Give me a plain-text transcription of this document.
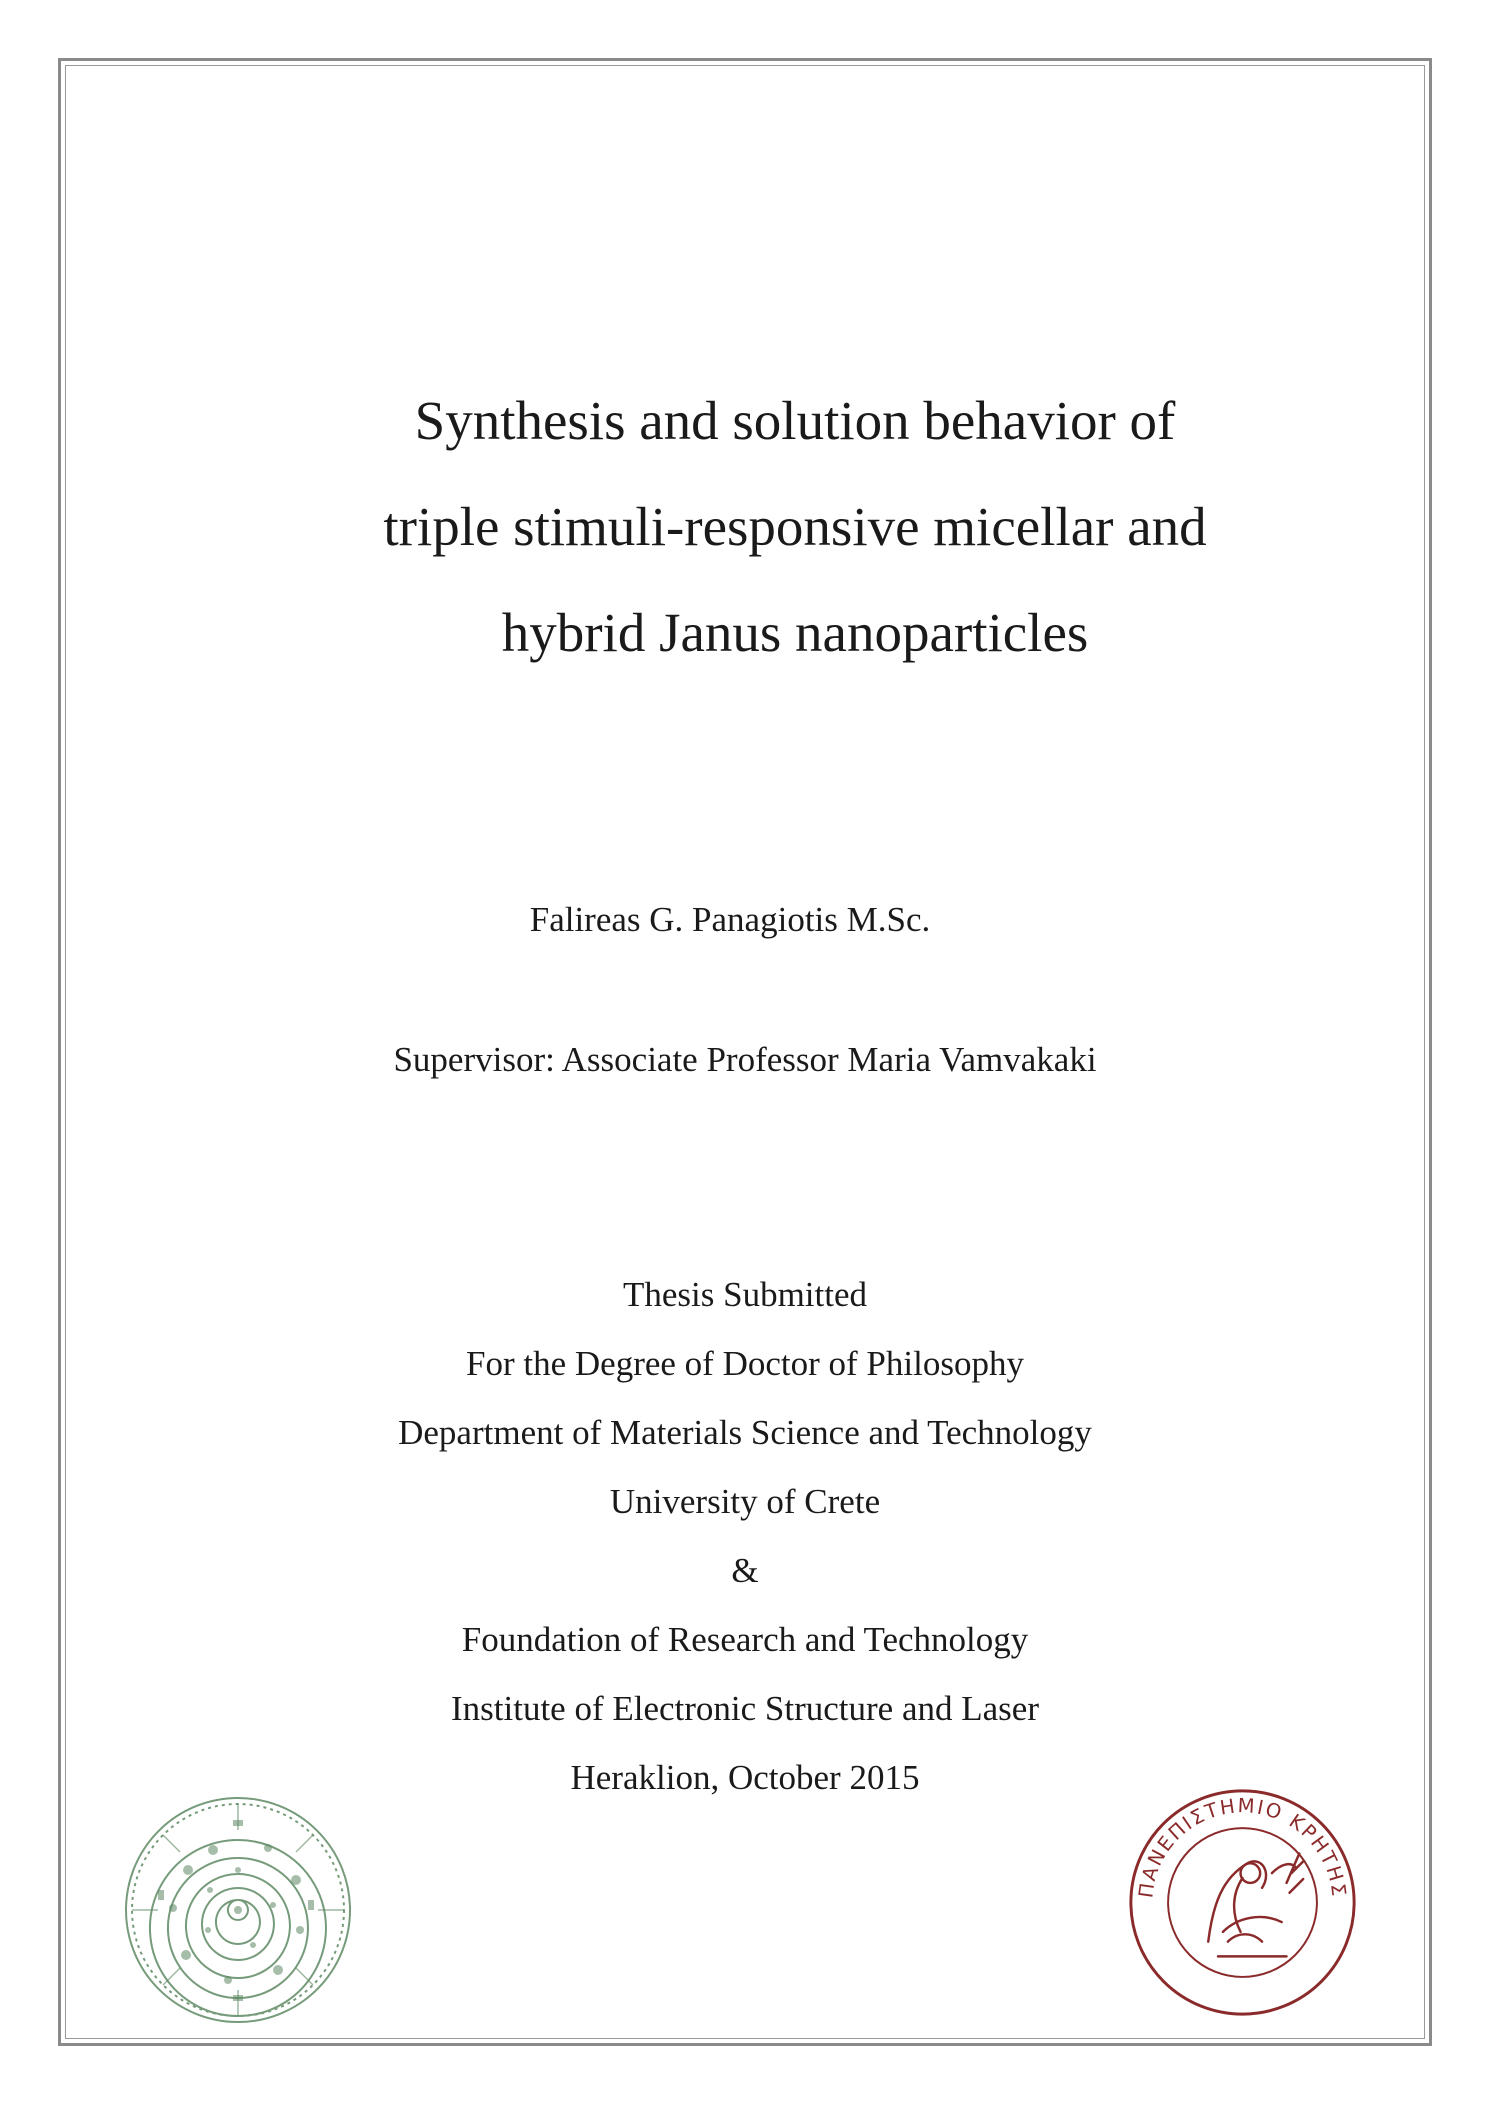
Synthesis and solution behavior of
triple stimuli-responsive micellar and
hybrid Janus nanoparticles
Falireas G. Panagiotis M.Sc.
Supervisor: Associate Professor Maria Vamvakaki
Thesis Submitted
For the Degree of Doctor of Philosophy
Department of Materials Science and Technology
University of Crete
&
Foundation of Research and Technology
Institute of Electronic Structure and Laser
Heraklion, October 2015
ΠΑΝΕΠΙΣΤΗΜΙΟ ΚΡΗΤΗΣ
